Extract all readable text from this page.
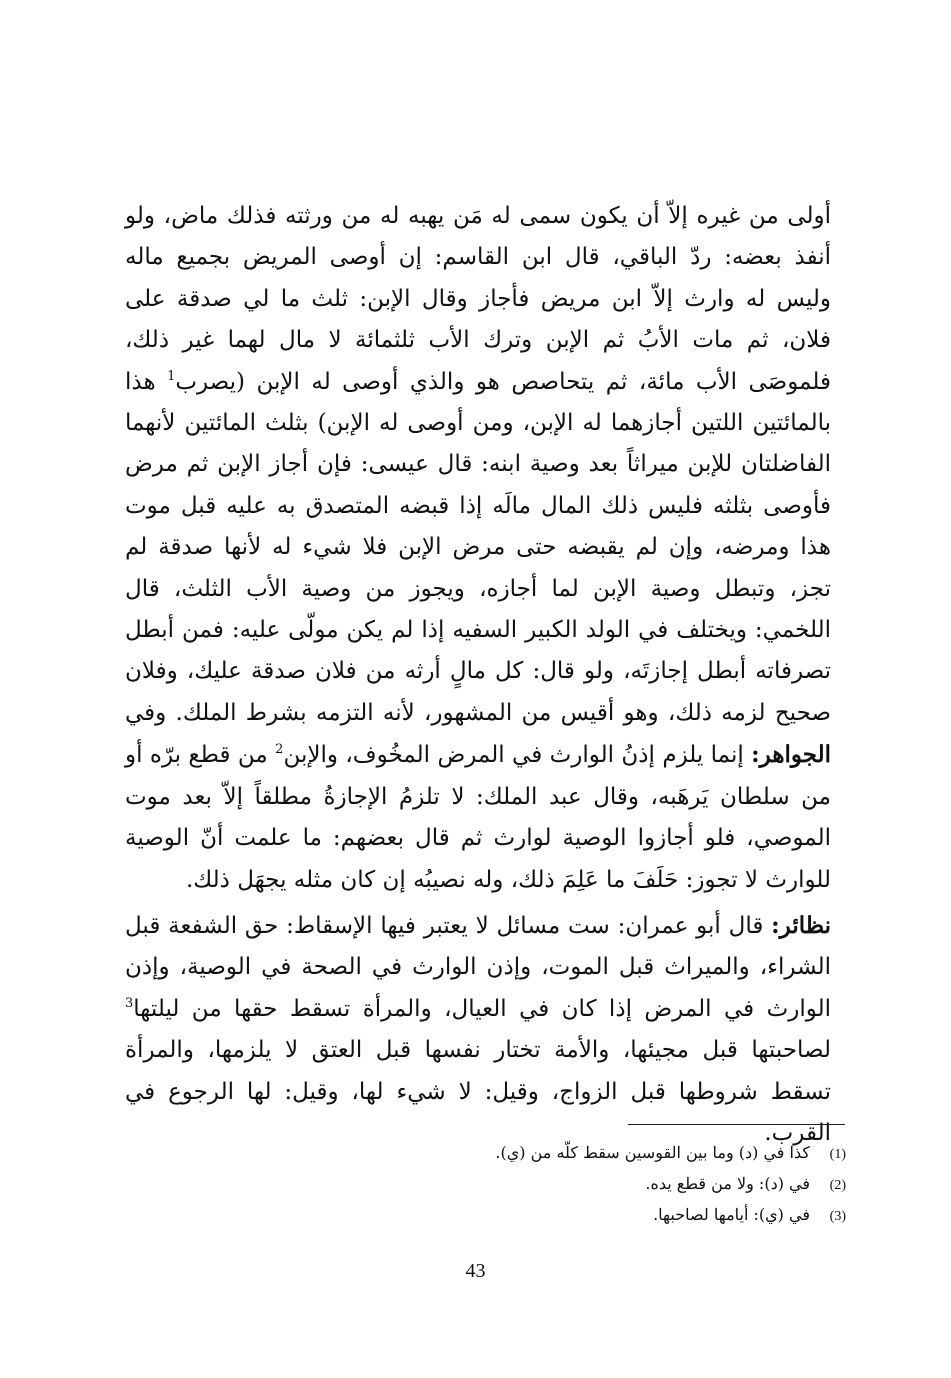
أولى من غيره إلاّ أن يكون سمى له مَن يهبه له من ورثته فذلك ماض، ولو أنفذ بعضه: ردّ الباقي، قال ابن القاسم: إن أوصى المريض بجميع ماله وليس له وارث إلاّ ابن مريض فأجاز وقال الإبن: ثلث ما لي صدقة على فلان، ثم مات الأبُ ثم الإبن وترك الأب ثلثمائة لا مال لهما غير ذلك، فلموصَى الأب مائة، ثم يتحاصص هو والذي أوصى له الإبن (يصرب$^1$ هذا بالمائتين اللتين أجازهما له الإبن، ومن أوصى له الإبن) بثلث المائتين لأنهما الفاضلتان للإبن ميراثاً بعد وصية ابنه: قال عيسى: فإن أجاز الإبن ثم مرض فأوصى بثلثه فليس ذلك المال مالَه إذا قبضه المتصدق به عليه قبل موت هذا ومرضه، وإن لم يقبضه حتى مرض الإبن فلا شيء له لأنها صدقة لم تجز، وتبطل وصية الإبن لما أجازه، ويجوز من وصية الأب الثلث، قال اللخمي: ويختلف في الولد الكبير السفيه إذا لم يكن مولّى عليه: فمن أبطل تصرفاته أبطل إجازتَه، ولو قال: كل مالٍ أرثه من فلان صدقة عليك، وفلان صحيح لزمه ذلك، وهو أقيس من المشهور، لأنه التزمه بشرط الملك. وفي الجواهر: إنما يلزم إذنُ الوارث في المرض المخُوف، والإبن$^2$ من قطع برّه أو من سلطان يَرهَبه، وقال عبد الملك: لا تلزمُ الإجازةُ مطلقاً إلاّ بعد موت الموصي، فلو أجازوا الوصية لوارث ثم قال بعضهم: ما علمت أنّ الوصية للوارث لا تجوز: حَلَفَ ما عَلِمَ ذلك، وله نصيبُه إن كان مثله يجهَل ذلك.

نظائر: قال أبو عمران: ست مسائل لا يعتبر فيها الإسقاط: حق الشفعة قبل الشراء، والميراث قبل الموت، وإذن الوارث في الصحة في الوصية، وإذن الوارث في المرض إذا كان في العيال، والمرأة تسقط حقها من ليلتها$^3$ لصاحبتها قبل مجيئها، والأمة تختار نفسها قبل العتق لا يلزمها، والمرأة تسقط شروطها قبل الزواج، وقيل: لا شيء لها، وقيل: لها الرجوع في القرب.

(1)
كذا في (د) وما بين القوسين سقط كلّه من (ي).
(2)
في (د): ولا من قطع يده.
(3)
في (ي): أيامها لصاحبها.
43
